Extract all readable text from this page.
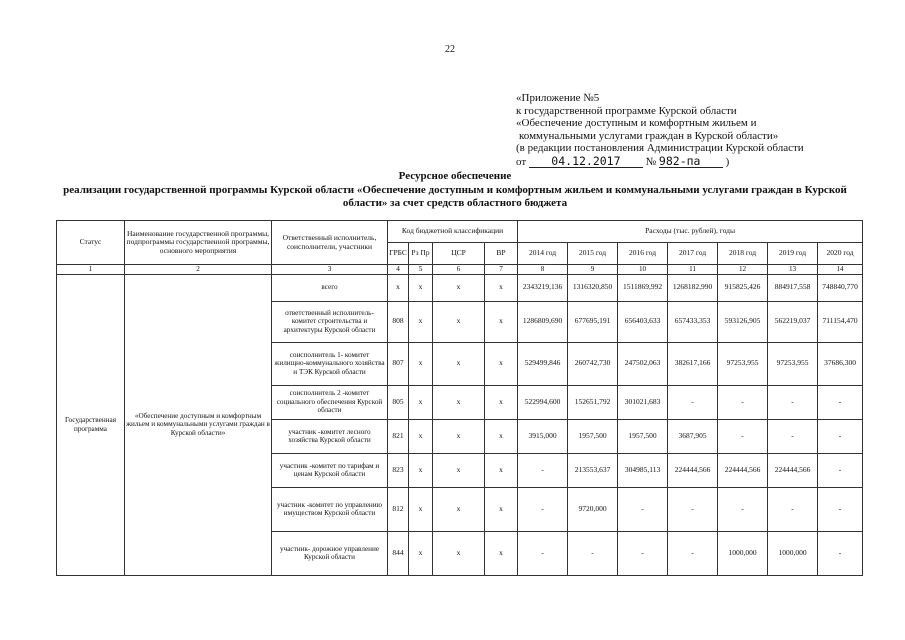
22
«Приложение №5
к государственной программе Курской области
«Обеспечение доступным и комфортным жильем и
коммунальными услугами граждан в Курской области»
(в редакции постановления Администрации Курской области
от 04.12.2017 № 982-па )
Ресурсное обеспечение
реализации государственной программы Курской области «Обеспечение доступным и комфортным жильем и коммунальными услугами граждан в Курской области» за счет средств областного бюджета
Статус	Наименование государственной программы, подпрограммы государственной программы, основного мероприятия	Ответственный исполнитель, соисполнители, участники	Код бюджетной классификации				Расходы (тыс. рублей), годы						
			ГРБС	Рз Пр	ЦСР	ВР	2014 год	2015 год	2016 год	2017 год	2018 год	2019 год	2020 год
1	2	3	4	5	6	7	8	9	10	11	12	13	14
Государственная программа	«Обеспечение доступным и комфортным жильем и коммунальными услугами граждан в Курской области»	всего	x	x	x	x	2343219,136	1316320,850	1511869,992	1268182,990	915825,426	884917,558	748840,770
		ответственный исполнитель-комитет строительства и архитектуры Курской области	808	x	x	x	1286809,690	677695,191	656403,633	657433,353	593126,905	562219,037	711154,470
		соисполнитель 1- комитет жилищно-коммунального хозяйства и ТЭК Курской области	807	x	x	x	529499,846	260742,730	247502,063	382617,166	97253,955	97253,955	37686,300
		соисполнитель 2 -комитет социального обеспечения Курской области	805	x	x	x	522994,600	152651,792	301021,683	-	-	-	-
		участник -комитет лесного хозяйства Курской области	821	x	x	x	3915,000	1957,500	1957,500	3687,905	-	-	-
		участник -комитет по тарифам и ценам Курской области	823	x	x	x	-	213553,637	304985,113	224444,566	224444,566	224444,566	-
		участник -комитет по управлению имуществом Курской области	812	x	x	x	-	9720,000	-	-	-	-	-
		участник- дорожное управление Курской области	844	x	x	x	-	-	-	-	1000,000	1000,000	-
